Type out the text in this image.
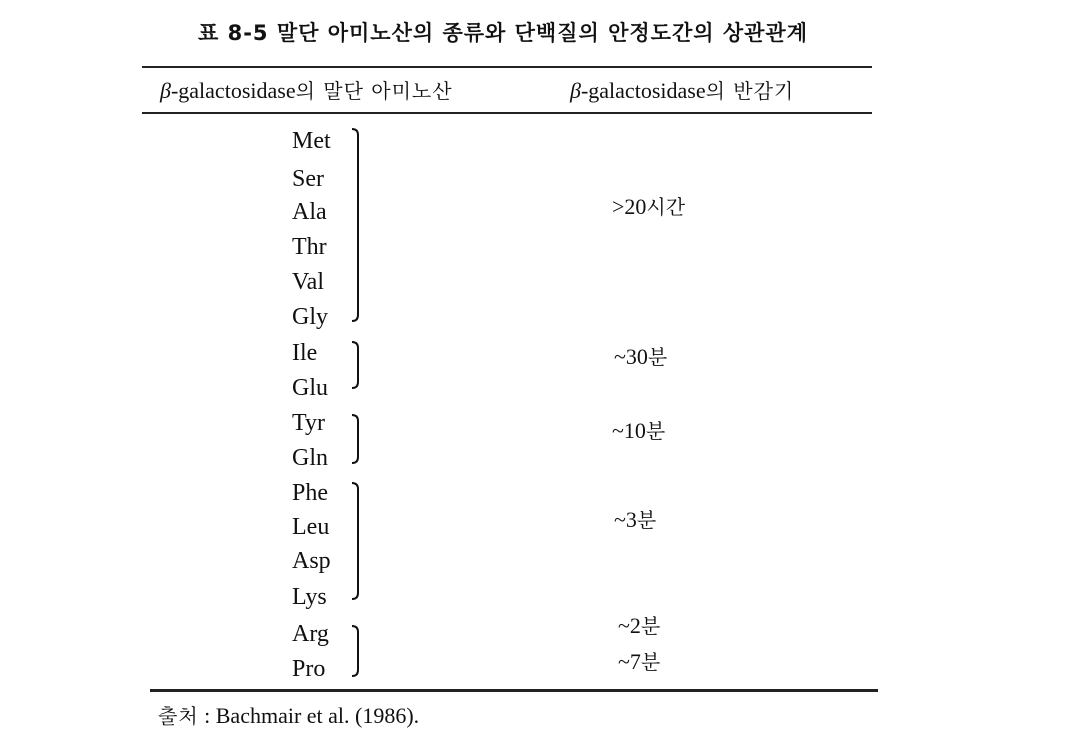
표 8-5 말단 아미노산의 종류와 단백질의 안정도간의 상관관계
β-galactosidase의 말단 아미노산	β-galactosidase의 반감기
Met
Ser
Ala
Thr
Val
Gly
Ile
Glu
Tyr
Gln
Phe
Leu
Asp
Lys
Arg
Pro
>20시간
~30분
~10분
~3분
~2분
~7분
출처 : Bachmair et al. (1986).
